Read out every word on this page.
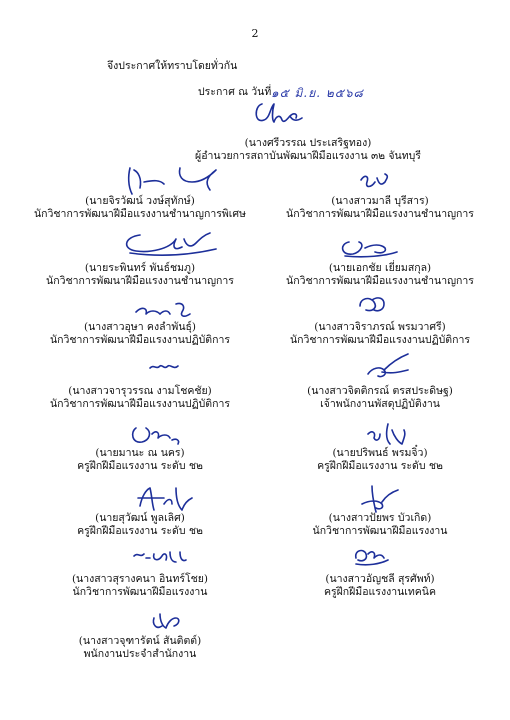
2
จึงประกาศให้ทราบโดยทั่วกัน
ประกาศ ณ วันที่ ๑๕ มิ.ย. ๒๕๖๘
(นางศรีวรรณ ประเสริฐทอง)
ผู้อำนวยการสถาบันพัฒนาฝีมือแรงงาน ๓๒ จันทบุรี
(นายจิรวัฒน์ วงษ์สุทักษ์)
นักวิชาการพัฒนาฝีมือแรงงานชำนาญการพิเศษ
(นางสาวมาลี บุรีสาร)
นักวิชาการพัฒนาฝีมือแรงงานชำนาญการ
(นายระพินทร์ พันธ์ชมภู)
นักวิชาการพัฒนาฝีมือแรงงานชำนาญการ
(นายเอกชัย เยี่ยมสกุล)
นักวิชาการพัฒนาฝีมือแรงงานชำนาญการ
(นางสาวอุษา คงลำพันธุ์)
นักวิชาการพัฒนาฝีมือแรงงานปฏิบัติการ
(นางสาวจิราภรณ์ พรมวาศรี)
นักวิชาการพัฒนาฝีมือแรงงานปฏิบัติการ
(นางสาวจารุวรรณ งามโชคชัย)
นักวิชาการพัฒนาฝีมือแรงงานปฏิบัติการ
(นางสาวจิตติกรณ์ ตรสประดิษฐ)
เจ้าพนักงานพัสดุปฏิบัติงาน
(นายมานะ ณ นคร)
ครูฝึกฝีมือแรงงาน ระดับ ช๒
(นายปริพนธ์ พรมจิ๋ว)
ครูฝึกฝีมือแรงงาน ระดับ ช๒
(นายสุวัฒน์ พูลเลิศ)
ครูฝึกฝีมือแรงงาน ระดับ ช๒
(นางสาวปัยพร บัวเกิด)
นักวิชาการพัฒนาฝีมือแรงงาน
(นางสาวสุรางคนา อินทร์โชย)
นักวิชาการพัฒนาฝีมือแรงงาน
(นางสาวอัญชลี สุรศัพท์)
ครูฝึกฝีมือแรงงานเทคนิค
(นางสาวจุฑารัตน์ สันติตต์)
พนักงานประจำสำนักงาน
